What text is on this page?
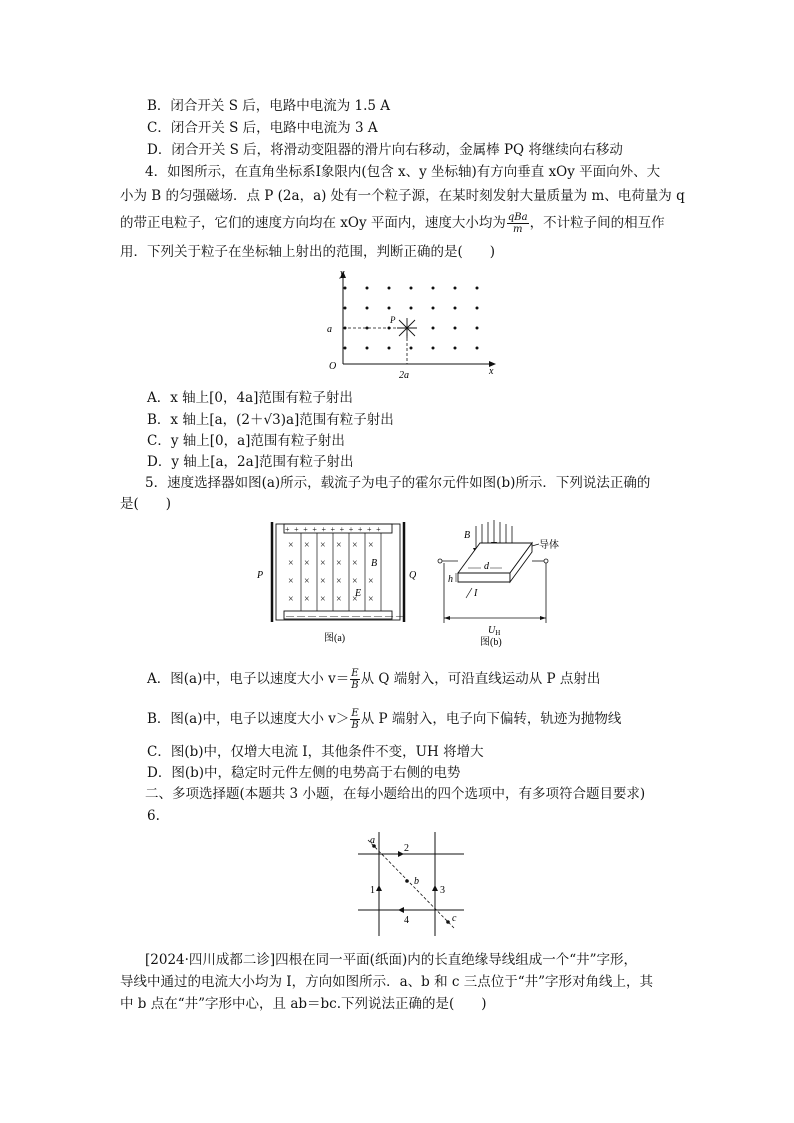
B．闭合开关 S 后，电路中电流为 1.5 A
C．闭合开关 S 后，电路中电流为 3 A
D．闭合开关 S 后，将滑动变阻器的滑片向右移动，金属棒 PQ 将继续向右移动
4．如图所示，在直角坐标系Ⅰ象限内(包含 x、y 坐标轴)有方向垂直 xOy 平面向外、大
小为 B 的匀强磁场．点 P (2a，a) 处有一个粒子源，在某时刻发射大量质量为 m、电荷量为 q
的带正电粒子，它们的速度方向均在 xOy 平面内，速度大小均为 $\frac{\text{qBa}}{m}$ ，不计粒子间的相互作
用．下列关于粒子在坐标轴上射出的范围，判断正确的是(　　)
y
x
O
a
2a
P
A．x 轴上[0，4a]范围有粒子射出
B．x 轴上[a，(2＋√3)a]范围有粒子射出
C．y 轴上[0，a]范围有粒子射出
D．y 轴上[a，2a]范围有粒子射出
5．速度选择器如图(a)所示，载流子为电子的霍尔元件如图(b)所示．下列说法正确的
是(　　)
+ + + + + + + + + + +
— — — — — — — — — — —
× × × × × ×
× × × × ×
× × × × × ×
× × × × × ×
B
E
P	Q
图(a)
B
导体
$U_H$
h
d
I
图(b)
A．图(a)中，电子以速度大小 $v= \frac{E}{B}$ 从 Q 端射入，可沿直线运动从 P 点射出
B．图(a)中，电子以速度大小 $v> \frac{E}{B}$ 从 P 端射入，电子向下偏转，轨迹为抛物线
C．图(b)中，仅增大电流 I，其他条件不变，UH 将增大
D．图(b)中，稳定时元件左侧的电势高于右侧的电势
二、多项选择题(本题共 3 小题，在每小题给出的四个选项中，有多项符合题目要求)
6.
a
b
c
1	3
2
4
[2024·四川成都二诊]四根在同一平面(纸面)内的长直绝缘导线组成一个“井”字形，
导线中通过的电流大小均为 I，方向如图所示．a、b 和 c 三点位于“井”字形对角线上，其
中 b 点在“井”字形中心，且 ab＝bc.下列说法正确的是(　　)
